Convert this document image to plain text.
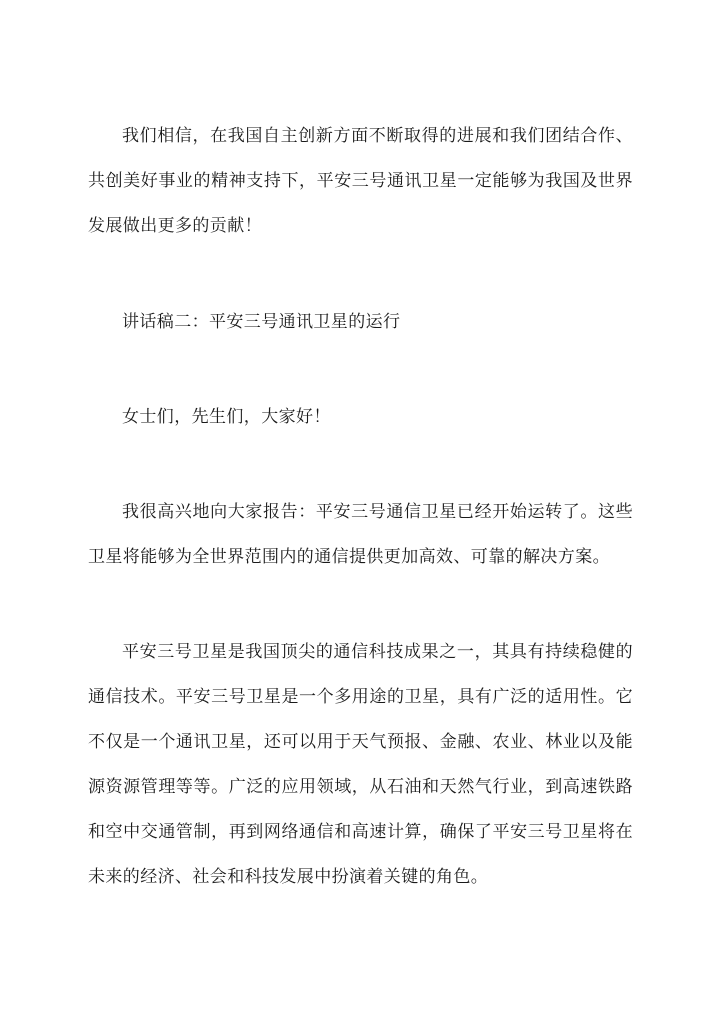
我们相信，在我国自主创新方面不断取得的进展和我们团结合作、共创美好事业的精神支持下，平安三号通讯卫星一定能够为我国及世界发展做出更多的贡献！

讲话稿二：平安三号通讯卫星的运行

女士们，先生们，大家好！

我很高兴地向大家报告：平安三号通信卫星已经开始运转了。这些卫星将能够为全世界范围内的通信提供更加高效、可靠的解决方案。

平安三号卫星是我国顶尖的通信科技成果之一，其具有持续稳健的通信技术。平安三号卫星是一个多用途的卫星，具有广泛的适用性。它不仅是一个通讯卫星，还可以用于天气预报、金融、农业、林业以及能源资源管理等等。广泛的应用领域，从石油和天然气行业，到高速铁路和空中交通管制，再到网络通信和高速计算，确保了平安三号卫星将在未来的经济、社会和科技发展中扮演着关键的角色。
